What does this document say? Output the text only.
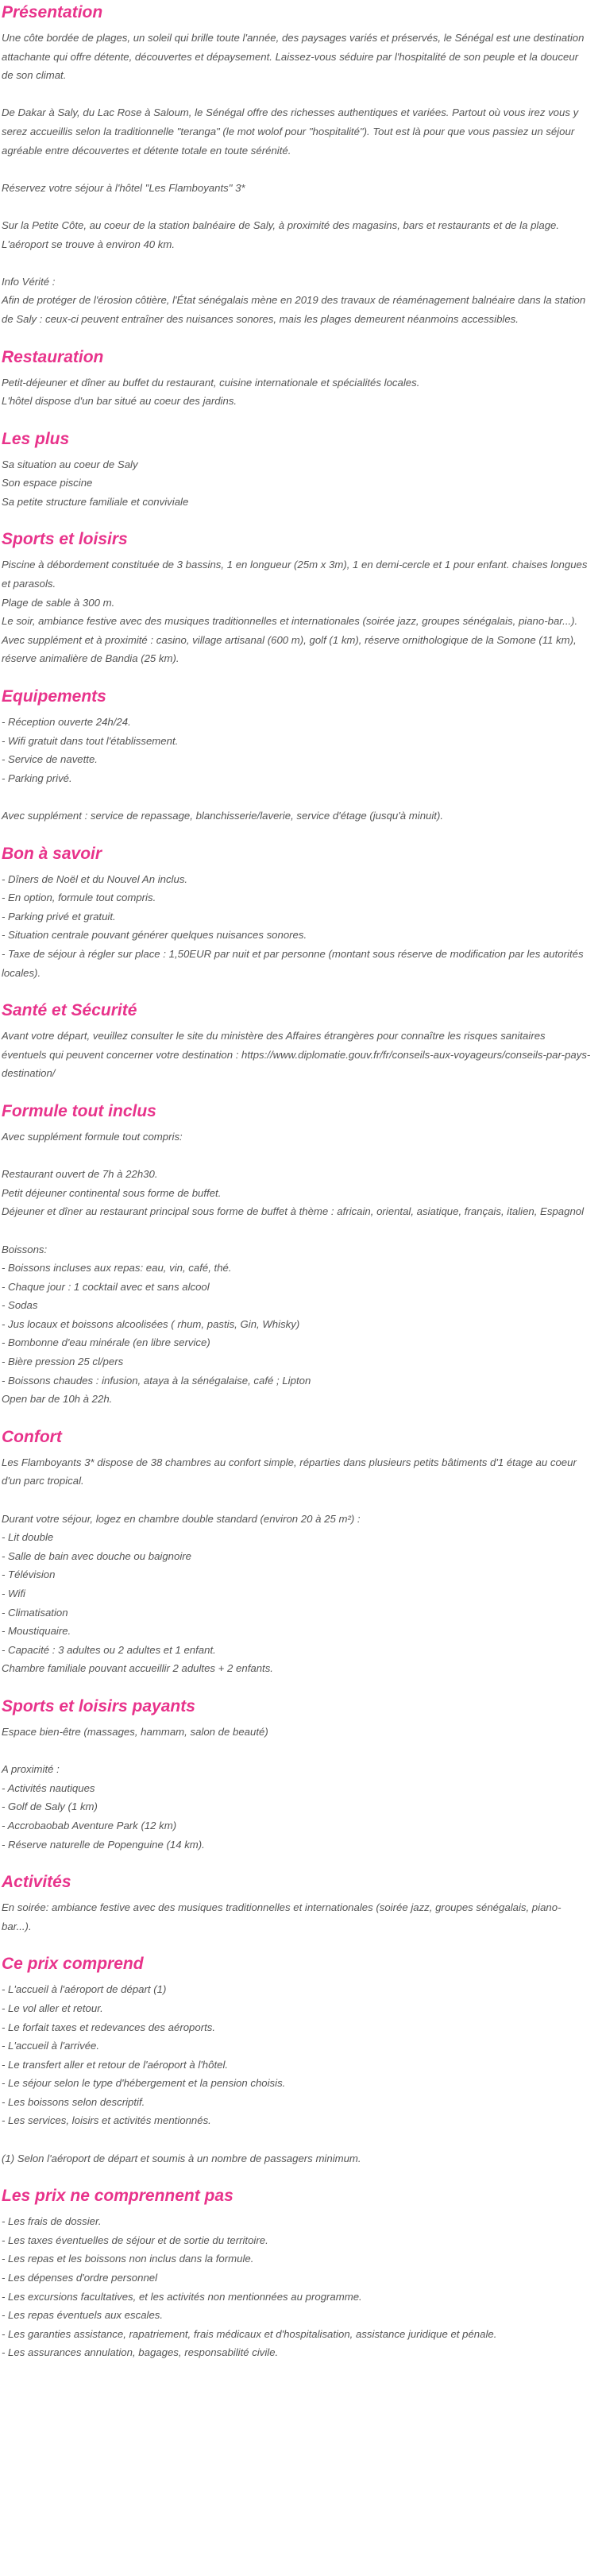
Présentation

Une côte bordée de plages, un soleil qui brille toute l'année, des paysages variés et préservés, le Sénégal est une destination attachante qui offre détente, découvertes et dépaysement. Laissez-vous séduire par l'hospitalité de son peuple et la douceur de son climat.

De Dakar à Saly, du Lac Rose à Saloum, le Sénégal offre des richesses authentiques et variées. Partout où vous irez vous y serez accueillis selon la traditionnelle "teranga" (le mot wolof pour "hospitalité"). Tout est là pour que vous passiez un séjour agréable entre découvertes et détente totale en toute sérénité.

Réservez votre séjour à l'hôtel "Les Flamboyants" 3*

Sur la Petite Côte, au coeur de la station balnéaire de Saly, à proximité des magasins, bars et restaurants et de la plage. L'aéroport se trouve à environ 40 km.

Info Vérité :

Afin de protéger de l'érosion côtière, l'État sénégalais mène en 2019 des travaux de réaménagement balnéaire dans la station de Saly : ceux-ci peuvent entraîner des nuisances sonores, mais les plages demeurent néanmoins accessibles.

Restauration

Petit-déjeuner et dîner au buffet du restaurant, cuisine internationale et spécialités locales.

L'hôtel dispose d'un bar situé au coeur des jardins.

Les plus

Sa situation au coeur de Saly

Son espace piscine

Sa petite structure familiale et conviviale

Sports et loisirs

Piscine à débordement constituée de 3 bassins, 1 en longueur (25m x 3m), 1 en demi-cercle et 1 pour enfant. chaises longues et parasols.

Plage de sable à 300 m.

Le soir, ambiance festive avec des musiques traditionnelles et internationales (soirée jazz, groupes sénégalais, piano-bar...).

Avec supplément et à proximité : casino, village artisanal (600 m), golf (1 km), réserve ornithologique de la Somone (11 km), réserve animalière de Bandia (25 km).

Equipements

- Réception ouverte 24h/24.

- Wifi gratuit dans tout l'établissement.

- Service de navette.

- Parking privé.

Avec supplément : service de repassage, blanchisserie/laverie, service d'étage (jusqu'à minuit).

Bon à savoir

- Dîners de Noël et du Nouvel An inclus.

- En option, formule tout compris.

- Parking privé et gratuit.

- Situation centrale pouvant générer quelques nuisances sonores.

- Taxe de séjour à régler sur place : 1,50EUR par nuit et par personne (montant sous réserve de modification par les autorités locales).

Santé et Sécurité

Avant votre départ, veuillez consulter le site du ministère des Affaires étrangères pour connaître les risques sanitaires éventuels qui peuvent concerner votre destination : https://www.diplomatie.gouv.fr/fr/conseils-aux-voyageurs/conseils-par-pays-destination/

Formule tout inclus

Avec supplément formule tout compris:

Restaurant ouvert de 7h à 22h30.

Petit déjeuner continental sous forme de buffet.

Déjeuner et dîner au restaurant principal sous forme de buffet à thème : africain, oriental, asiatique, français, italien, Espagnol

Boissons:

- Boissons incluses aux repas: eau, vin, café, thé.

- Chaque jour : 1 cocktail avec et sans alcool

- Sodas

- Jus locaux et boissons alcoolisées ( rhum, pastis, Gin, Whisky)

- Bombonne d'eau minérale (en libre service)

- Bière pression 25 cl/pers

- Boissons chaudes : infusion, ataya à la sénégalaise, café ; Lipton

Open bar de 10h à 22h.

Confort

Les Flamboyants 3* dispose de 38 chambres au confort simple, réparties dans plusieurs petits bâtiments d'1 étage au coeur d'un parc tropical.

Durant votre séjour, logez en chambre double standard (environ 20 à 25 m²) :

- Lit double

- Salle de bain avec douche ou baignoire

- Télévision

- Wifi

- Climatisation

- Moustiquaire.

- Capacité : 3 adultes ou 2 adultes et 1 enfant.

Chambre familiale pouvant accueillir 2 adultes + 2 enfants.

Sports et loisirs payants

Espace bien-être (massages, hammam, salon de beauté)

A proximité :

- Activités nautiques

- Golf de Saly (1 km)

- Accrobaobab Aventure Park (12 km)

- Réserve naturelle de Popenguine (14 km).

Activités

En soirée: ambiance festive avec des musiques traditionnelles et internationales (soirée jazz, groupes sénégalais, piano-bar...).

Ce prix comprend

- L'accueil à l'aéroport de départ (1)

- Le vol aller et retour.

- Le forfait taxes et redevances des aéroports.

- L'accueil à l'arrivée.

- Le transfert aller et retour de l'aéroport à l'hôtel.

- Le séjour selon le type d'hébergement et la pension choisis.

- Les boissons selon descriptif.

- Les services, loisirs et activités mentionnés.

(1) Selon l'aéroport de départ et soumis à un nombre de passagers minimum.

Les prix ne comprennent pas

- Les frais de dossier.

- Les taxes éventuelles de séjour et de sortie du territoire.

- Les repas et les boissons non inclus dans la formule.

- Les dépenses d'ordre personnel

- Les excursions facultatives, et les activités non mentionnées au programme.

- Les repas éventuels aux escales.

- Les garanties assistance, rapatriement, frais médicaux et d'hospitalisation, assistance juridique et pénale.

- Les assurances annulation, bagages, responsabilité civile.
